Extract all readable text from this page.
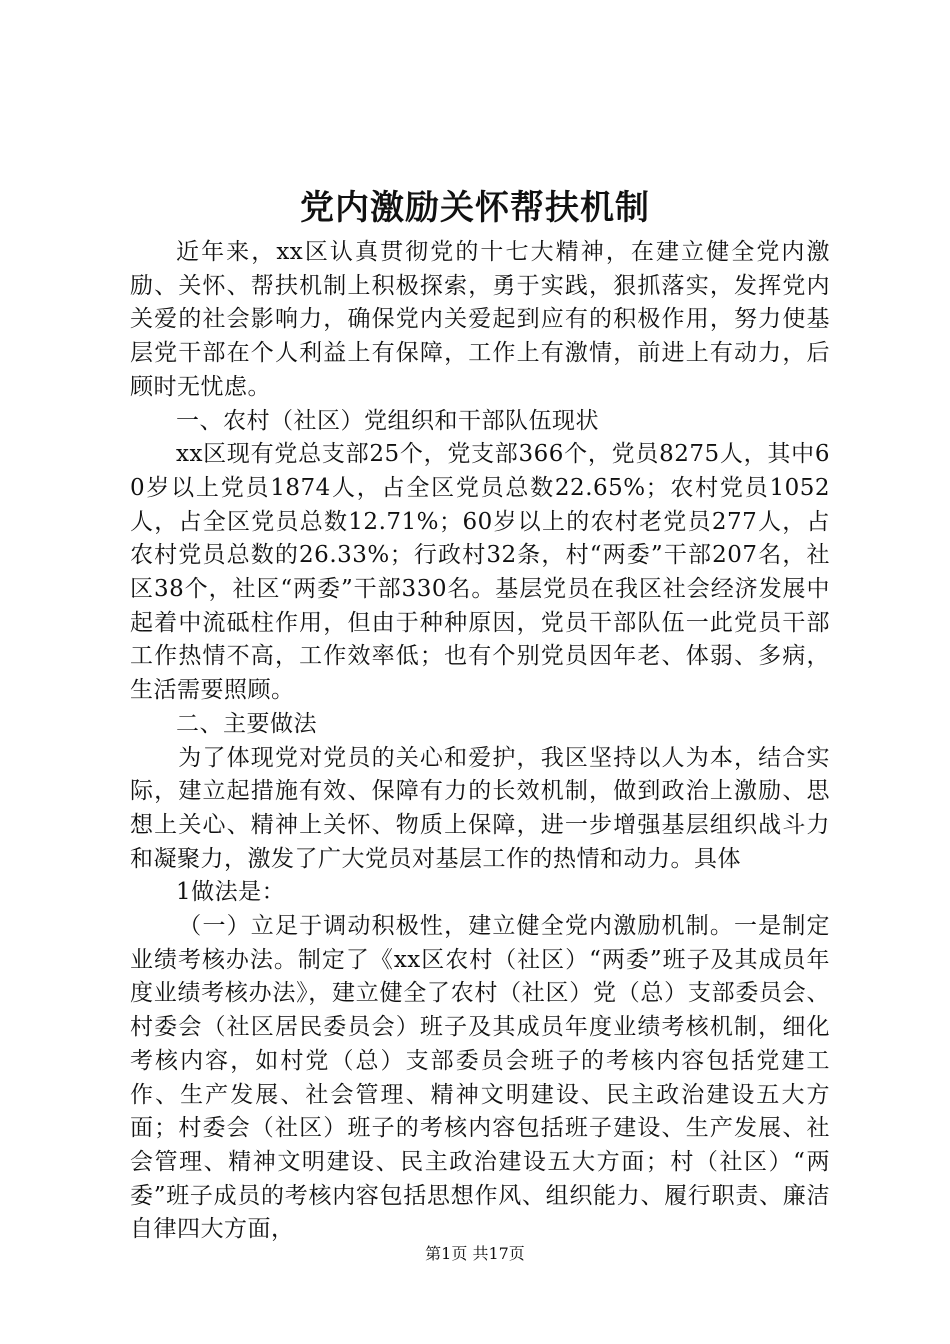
党内激励关怀帮扶机制

近年来，xx区认真贯彻党的十七大精神，在建立健全党内激励、关怀、帮扶机制上积极探索，勇于实践，狠抓落实，发挥党内关爱的社会影响力，确保党内关爱起到应有的积极作用，努力使基层党干部在个人利益上有保障，工作上有激情，前进上有动力，后顾时无忧虑。

一、农村（社区）党组织和干部队伍现状

xx区现有党总支部25个，党支部366个，党员8275人，其中60岁以上党员1874人，占全区党员总数22.65%；农村党员1052人，占全区党员总数12.71%；60岁以上的农村老党员277人，占农村党员总数的26.33%；行政村32条，村“两委”干部207名，社区38个，社区“两委”干部330名。基层党员在我区社会经济发展中起着中流砥柱作用，但由于种种原因，党员干部队伍一此党员干部工作热情不高，工作效率低；也有个别党员因年老、体弱、多病，生活需要照顾。

二、主要做法

为了体现党对党员的关心和爱护，我区坚持以人为本，结合实际，建立起措施有效、保障有力的长效机制，做到政治上激励、思想上关心、精神上关怀、物质上保障，进一步增强基层组织战斗力和凝聚力，激发了广大党员对基层工作的热情和动力。具体

1做法是：

（一）立足于调动积极性，建立健全党内激励机制。一是制定业绩考核办法。制定了《xx区农村（社区）“两委”班子及其成员年度业绩考核办法》，建立健全了农村（社区）党（总）支部委员会、村委会（社区居民委员会）班子及其成员年度业绩考核机制，细化考核内容，如村党（总）支部委员会班子的考核内容包括党建工作、生产发展、社会管理、精神文明建设、民主政治建设五大方面；村委会（社区）班子的考核内容包括班子建设、生产发展、社会管理、精神文明建设、民主政治建设五大方面；村（社区）“两委”班子成员的考核内容包括思想作风、组织能力、履行职责、廉洁自律四大方面，

第1页 共17页
